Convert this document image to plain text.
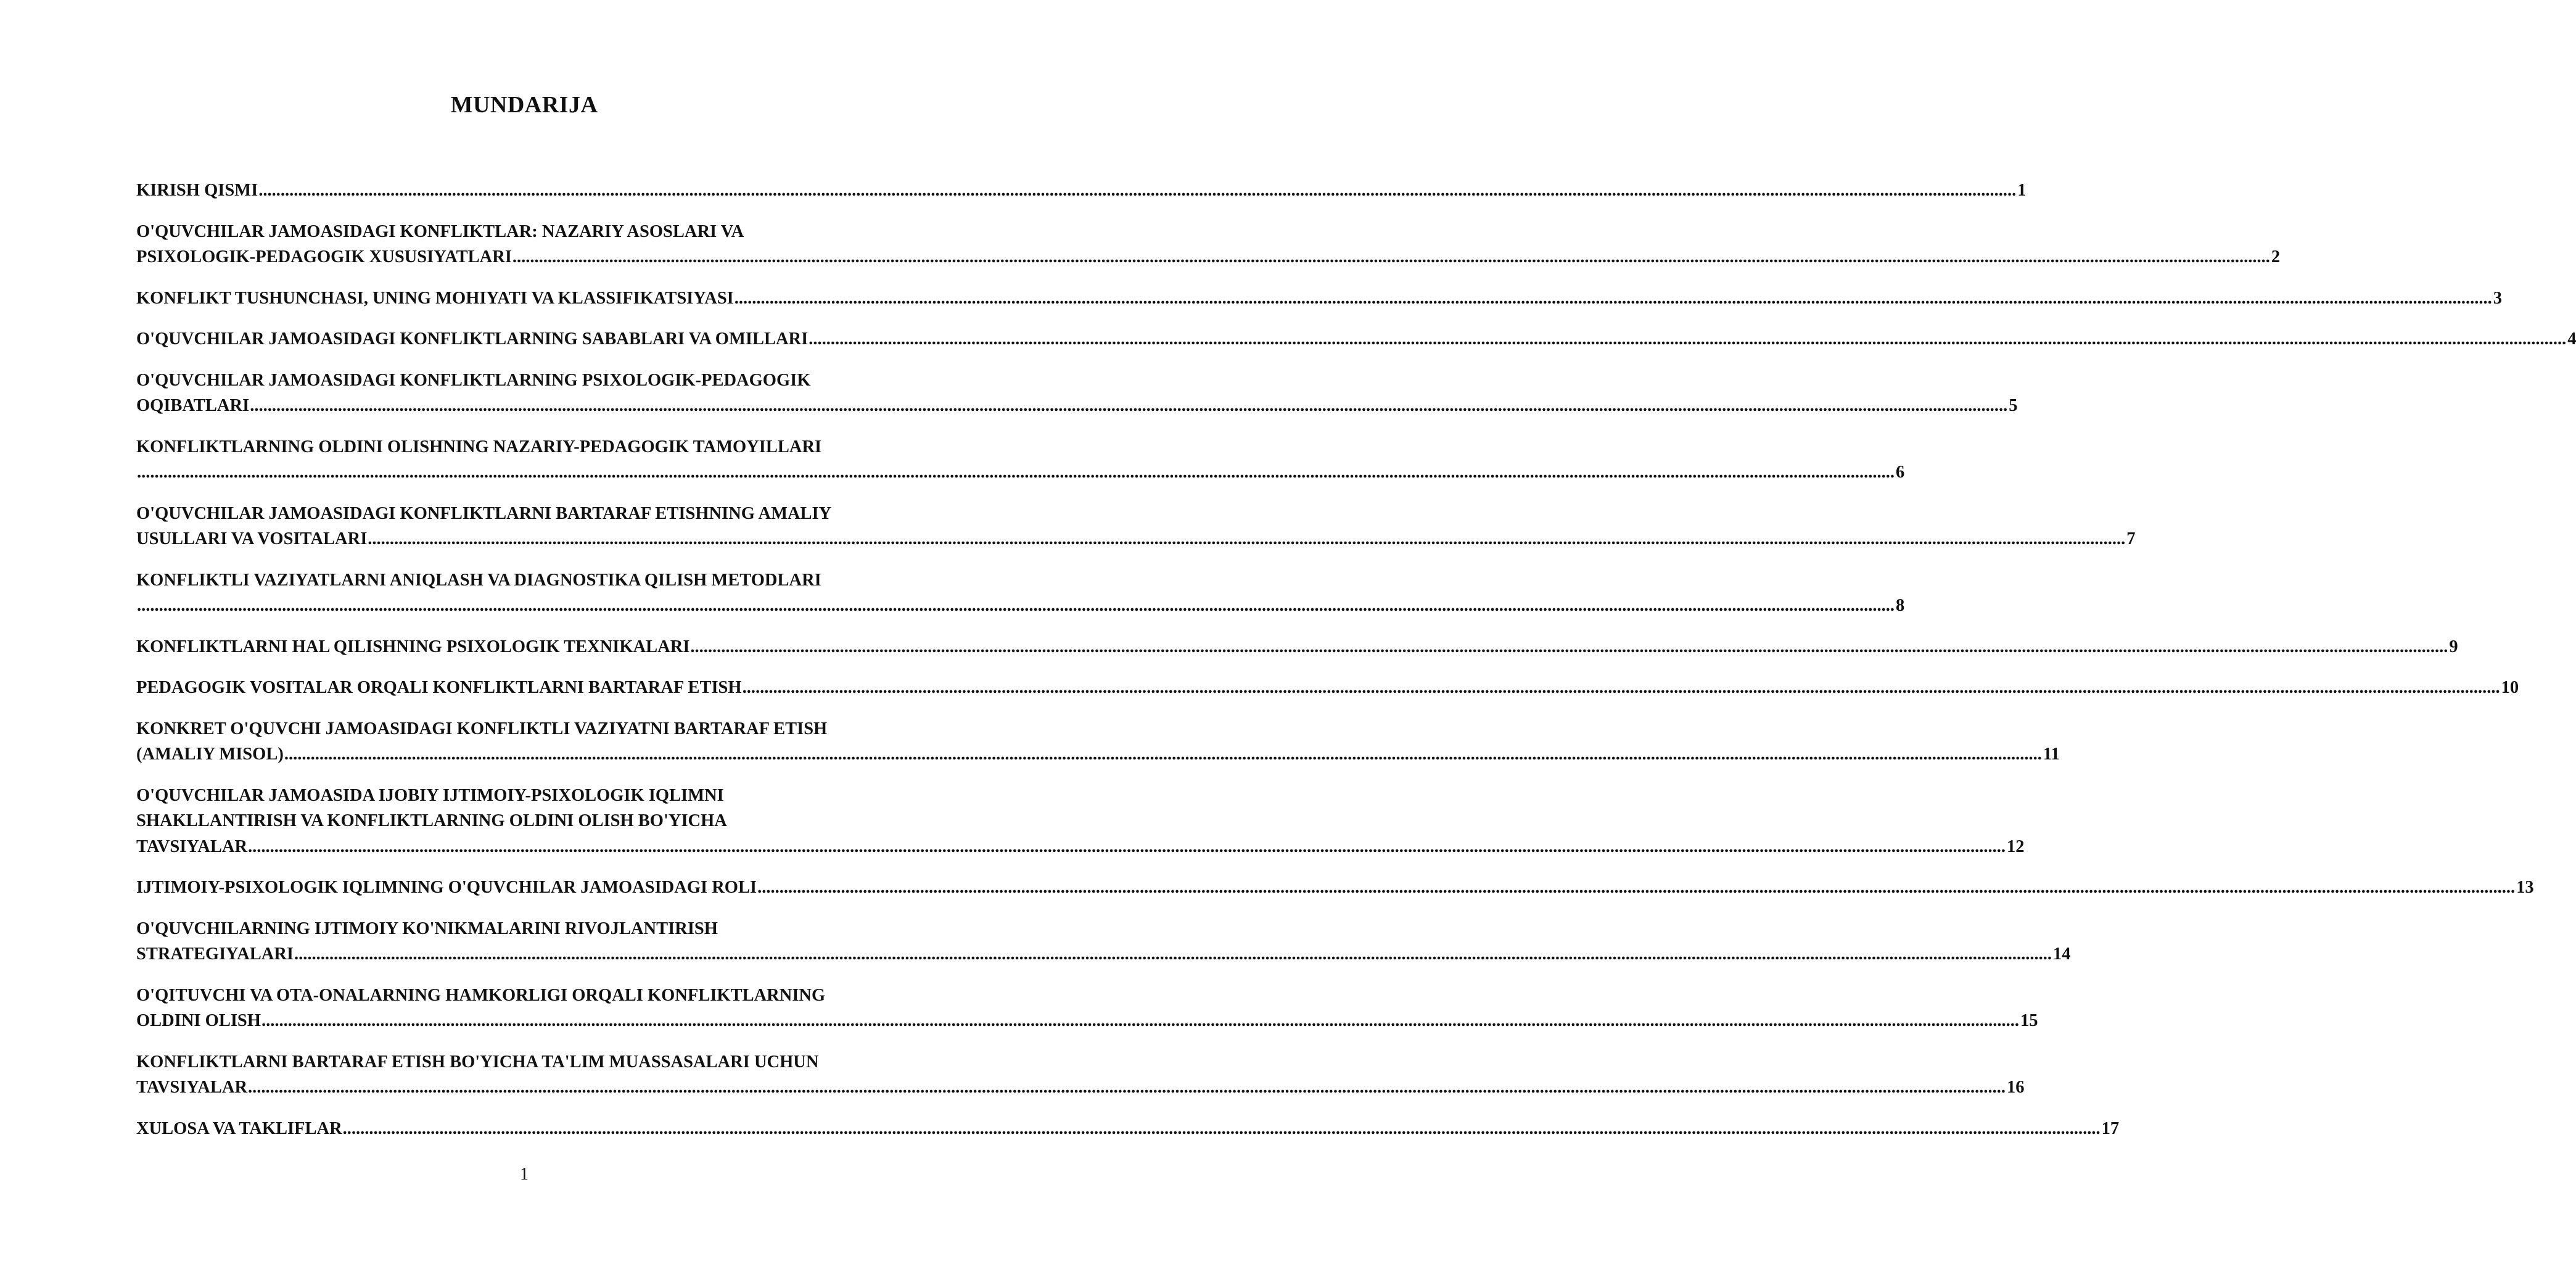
MUNDARIJA
KIRISH QISMI ................................................................................................................................................................................................................................................................................................................................................................................................................ 1
O'QUVCHILAR JAMOASIDAGI KONFLIKTLAR: NAZARIY ASOSLARI VA
PSIXOLOGIK-PEDAGOGIK XUSUSIYATLARI ................................................................................................................................................................................................................................................................................................................................................................................................................ 2
KONFLIKT TUSHUNCHASI, UNING MOHIYATI VA KLASSIFIKATSIYASI ................................................................................................................................................................................................................................................................................................................................................................................................................ 3
O'QUVCHILAR JAMOASIDAGI KONFLIKTLARNING SABABLARI VA OMILLARI ................................................................................................................................................................................................................................................................................................................................................................................................................ 4
O'QUVCHILAR JAMOASIDAGI KONFLIKTLARNING PSIXOLOGIK-PEDAGOGIK
OQIBATLARI ................................................................................................................................................................................................................................................................................................................................................................................................................ 5
KONFLIKTLARNING OLDINI OLISHNING NAZARIY-PEDAGOGIK TAMOYILLARI
................................................................................................................................................................................................................................................................................................................................................................................................................ 6
O'QUVCHILAR JAMOASIDAGI KONFLIKTLARNI BARTARAF ETISHNING AMALIY
USULLARI VA VOSITALARI ................................................................................................................................................................................................................................................................................................................................................................................................................ 7
KONFLIKTLI VAZIYATLARNI ANIQLASH VA DIAGNOSTIKA QILISH METODLARI
................................................................................................................................................................................................................................................................................................................................................................................................................ 8
KONFLIKTLARNI HAL QILISHNING PSIXOLOGIK TEXNIKALARI ................................................................................................................................................................................................................................................................................................................................................................................................................ 9
PEDAGOGIK VOSITALAR ORQALI KONFLIKTLARNI BARTARAF ETISH ................................................................................................................................................................................................................................................................................................................................................................................................................ 10
KONKRET O'QUVCHI JAMOASIDAGI KONFLIKTLI VAZIYATNI BARTARAF ETISH
(AMALIY MISOL) ................................................................................................................................................................................................................................................................................................................................................................................................................ 11
O'QUVCHILAR JAMOASIDA IJOBIY IJTIMOIY-PSIXOLOGIK IQLIMNI
SHAKLLANTIRISH VA KONFLIKTLARNING OLDINI OLISH BO'YICHA
TAVSIYALAR ................................................................................................................................................................................................................................................................................................................................................................................................................ 12
IJTIMOIY-PSIXOLOGIK IQLIMNING O'QUVCHILAR JAMOASIDAGI ROLI ................................................................................................................................................................................................................................................................................................................................................................................................................ 13
O'QUVCHILARNING IJTIMOIY KO'NIKMALARINI RIVOJLANTIRISH
STRATEGIYALARI ................................................................................................................................................................................................................................................................................................................................................................................................................ 14
O'QITUVCHI VA OTA-ONALARNING HAMKORLIGI ORQALI KONFLIKTLARNING
OLDINI OLISH ................................................................................................................................................................................................................................................................................................................................................................................................................ 15
KONFLIKTLARNI BARTARAF ETISH BO'YICHA TA'LIM MUASSASALARI UCHUN
TAVSIYALAR ................................................................................................................................................................................................................................................................................................................................................................................................................ 16
XULOSA VA TAKLIFLAR ................................................................................................................................................................................................................................................................................................................................................................................................................ 17
1
